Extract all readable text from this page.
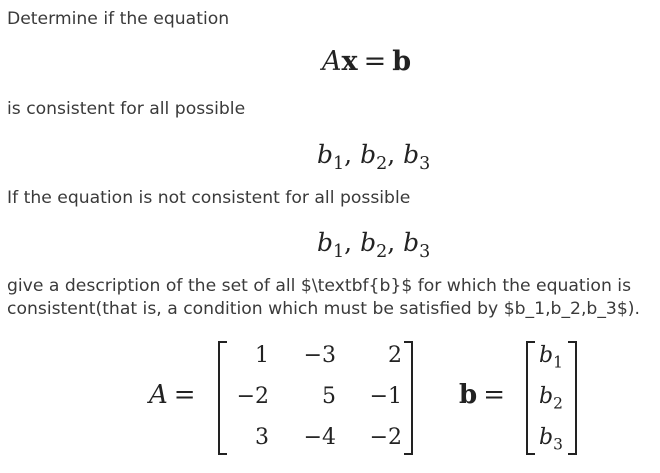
Determine if the equation
Ax = b
is consistent for all possible
$b_1$, $b_2$, $b_3$
If the equation is not consistent for all possible
$b_1$, $b_2$, $b_3$
give a description of the set of all $\textbf{b}$ for which the equation is
consistent(that is, a condition which must be satisfied by $b_1,b_2,b_3$).
A =
1	−3	2
−2	5	−1
3	−4	−2
b =
$b_1$
$b_2$
$b_3$
